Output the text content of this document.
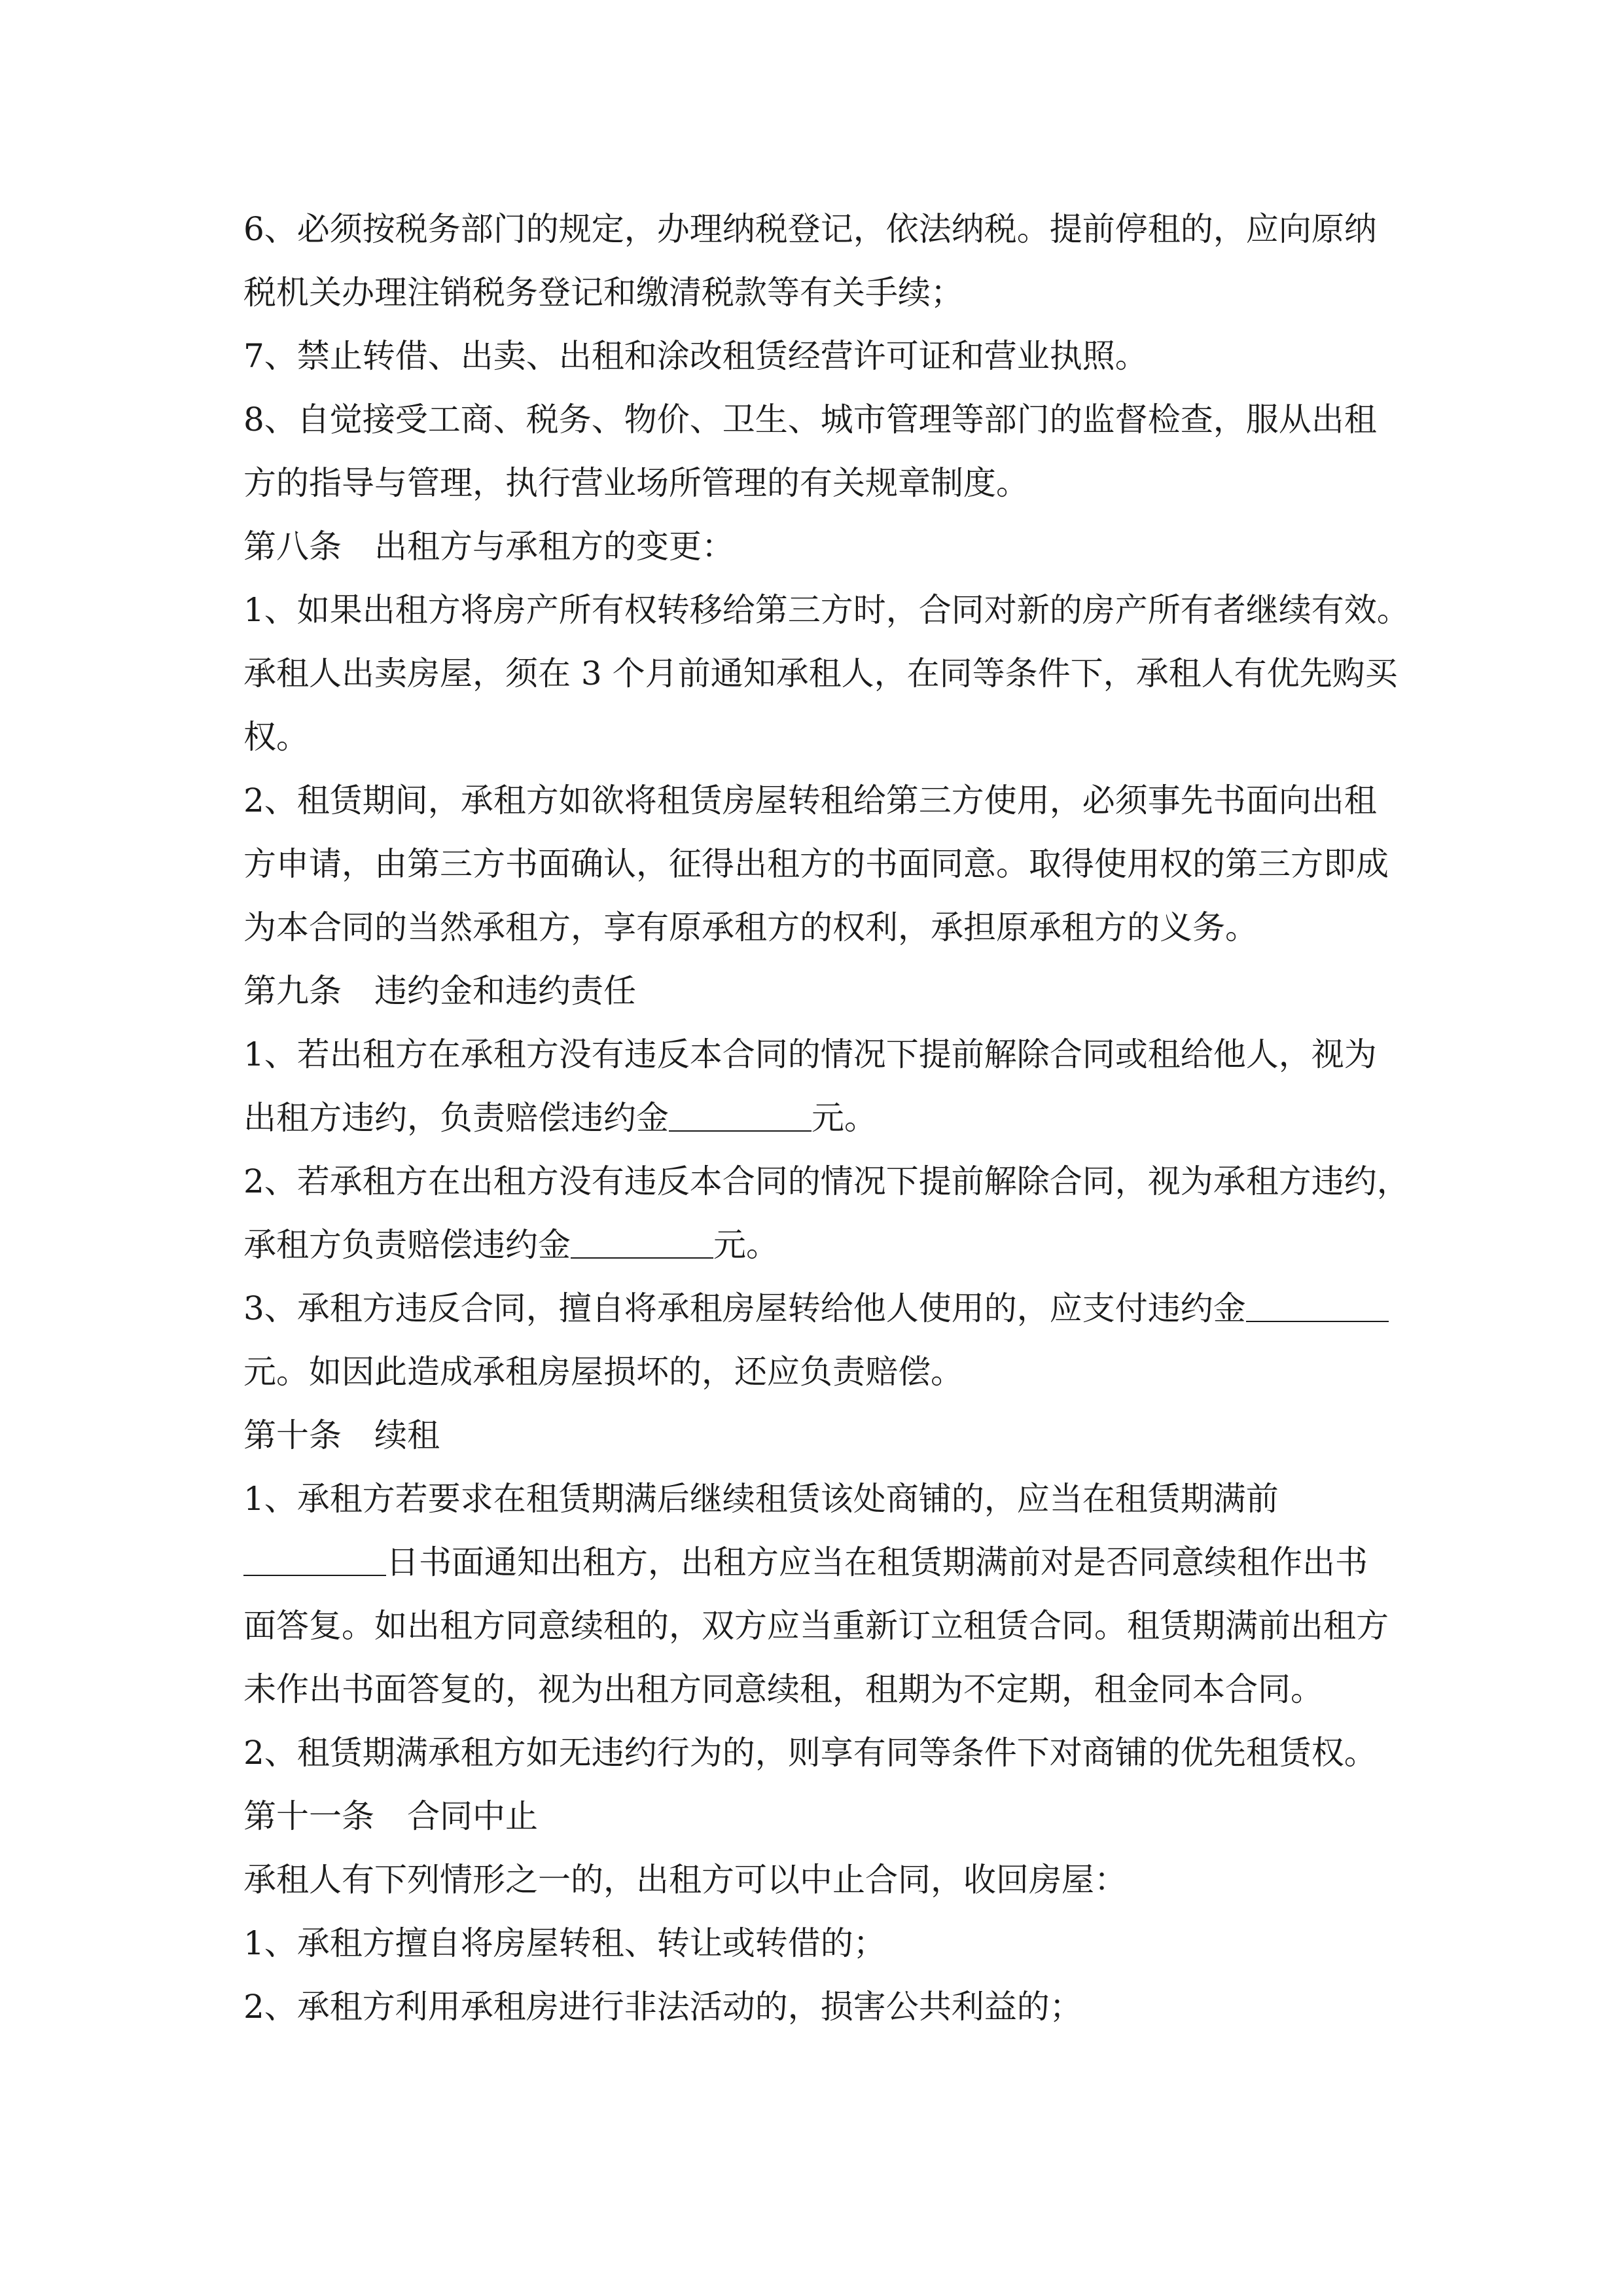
6、必须按税务部门的规定，办理纳税登记，依法纳税。提前停租的，应向原纳
税机关办理注销税务登记和缴清税款等有关手续；
7、禁止转借、出卖、出租和涂改租赁经营许可证和营业执照。
8、自觉接受工商、税务、物价、卫生、城市管理等部门的监督检查，服从出租
方的指导与管理，执行营业场所管理的有关规章制度。
第八条 出租方与承租方的变更：
1、如果出租方将房产所有权转移给第三方时，合同对新的房产所有者继续有效。
承租人出卖房屋，须在 3 个月前通知承租人，在同等条件下，承租人有优先购买
权。
2、租赁期间，承租方如欲将租赁房屋转租给第三方使用，必须事先书面向出租
方申请，由第三方书面确认，征得出租方的书面同意。取得使用权的第三方即成
为本合同的当然承租方，享有原承租方的权利，承担原承租方的义务。
第九条 违约金和违约责任
1、若出租方在承租方没有违反本合同的情况下提前解除合同或租给他人，视为
出租方违约，负责赔偿违约金	元。
2、若承租方在出租方没有违反本合同的情况下提前解除合同，视为承租方违约，
承租方负责赔偿违约金	元。
3、承租方违反合同，擅自将承租房屋转给他人使用的，应支付违约金
元。如因此造成承租房屋损坏的，还应负责赔偿。
第十条 续租
1、承租方若要求在租赁期满后继续租赁该处商铺的，应当在租赁期满前
日书面通知出租方，出租方应当在租赁期满前对是否同意续租作出书
面答复。如出租方同意续租的，双方应当重新订立租赁合同。租赁期满前出租方
未作出书面答复的，视为出租方同意续租，租期为不定期，租金同本合同。
2、租赁期满承租方如无违约行为的，则享有同等条件下对商铺的优先租赁权。
第十一条 合同中止
承租人有下列情形之一的，出租方可以中止合同，收回房屋：
1、承租方擅自将房屋转租、转让或转借的；
2、承租方利用承租房进行非法活动的，损害公共利益的；
